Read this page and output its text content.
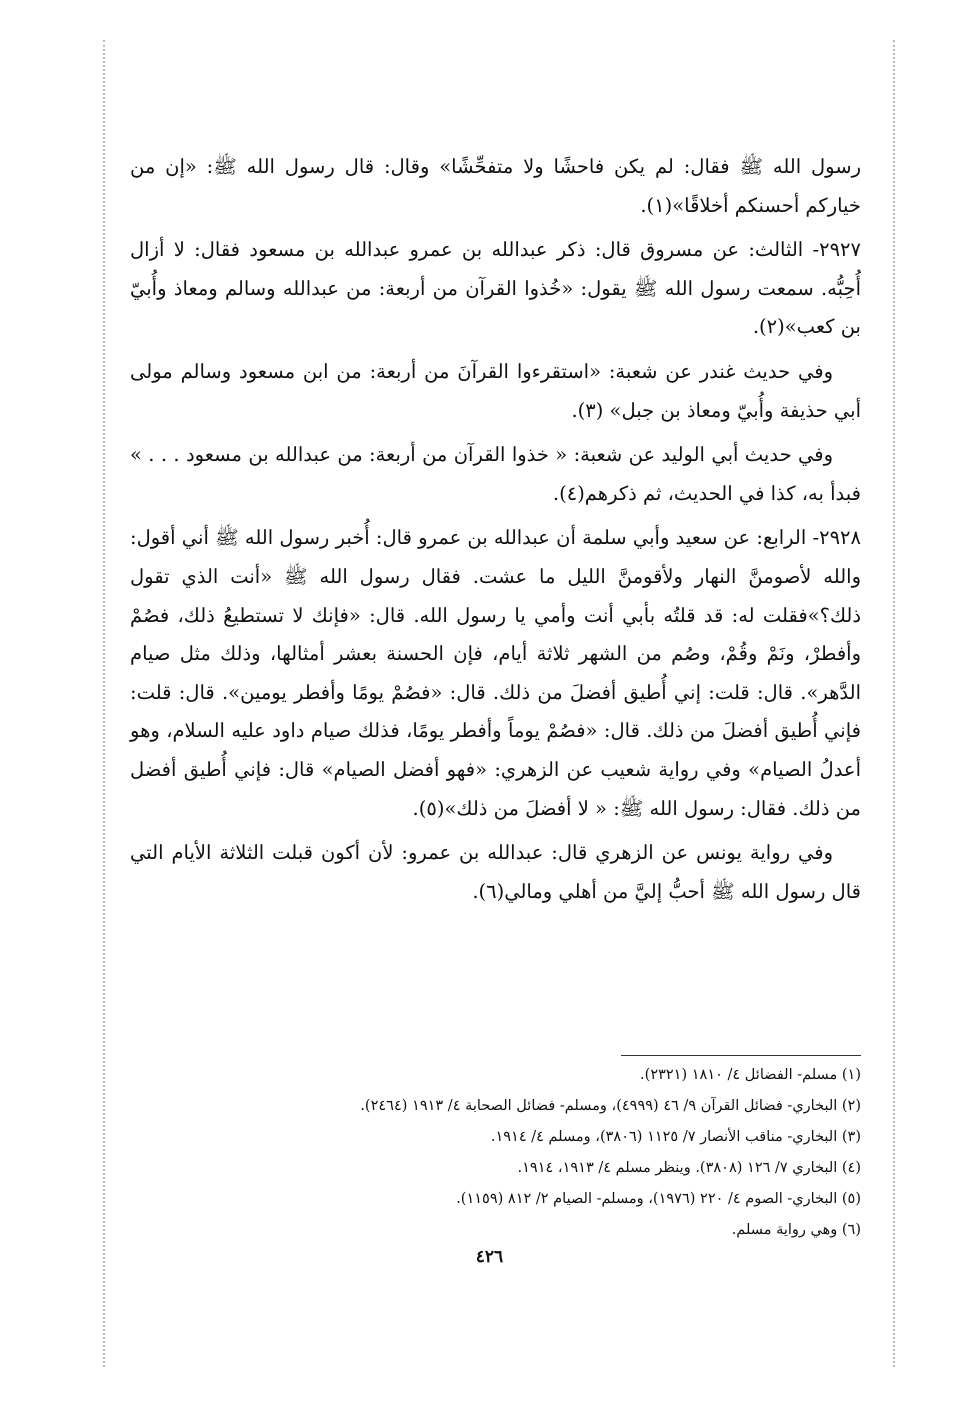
رسول الله ﷺ فقال: لم يكن فاحشًا ولا متفحِّشًا» وقال: قال رسول الله ﷺ: «إن من خياركم أحسنكم أخلاقًا»(١).

٢٩٢٧- الثالث: عن مسروق قال: ذكر عبدالله بن عمرو عبدالله بن مسعود فقال: لا أزال أُحِبُّه. سمعت رسول الله ﷺ يقول: «خُذوا القرآن من أربعة: من عبدالله وسالم ومعاذ وأُبيّ بن كعب»(٢).

وفي حديث غندر عن شعبة: «استقرءوا القرآنَ من أربعة: من ابن مسعود وسالم مولى أبي حذيفة وأُبيّ ومعاذ بن جبل» (٣).

وفي حديث أبي الوليد عن شعبة: « خذوا القرآن من أربعة: من عبدالله بن مسعود . . . » فبدأ به، كذا في الحديث، ثم ذكرهم(٤).

٢٩٢٨- الرابع: عن سعيد وأبي سلمة أن عبدالله بن عمرو قال: أُخبر رسول الله ﷺ أني أقول: والله لأصومنَّ النهار ولأقومنَّ الليل ما عشت. فقال رسول الله ﷺ «أنت الذي تقول ذلك؟»فقلت له: قد قلتُه بأبي أنت وأمي يا رسول الله. قال: «فإنك لا تستطيعُ ذلك، فصُمْ وأفطرْ، ونَمْ وقُمْ، وصُم من الشهر ثلاثة أيام، فإن الحسنة بعشر أمثالها، وذلك مثل صيام الدَّهر». قال: قلت: إني أُطيق أفضلَ من ذلك. قال: «فصُمْ يومًا وأفطر يومين». قال: قلت: فإني أُطيق أفضلَ من ذلك. قال: «فصُمْ يوماً وأفطر يومًا، فذلك صيام داود عليه السلام، وهو أعدلُ الصيام» وفي رواية شعيب عن الزهري: «فهو أفضل الصيام» قال: فإني أُطيق أفضل من ذلك. فقال: رسول الله ﷺ: « لا أفضلَ من ذلك»(٥).

وفي رواية يونس عن الزهري قال: عبدالله بن عمرو: لأن أكون قبلت الثلاثة الأيام التي قال رسول الله ﷺ أحبُّ إليَّ من أهلي ومالي(٦).

(١) مسلم- الفضائل ٤/ ١٨١٠ (٢٣٢١).

(٢) البخاري- فضائل القرآن ٩/ ٤٦ (٤٩٩٩)، ومسلم- فضائل الصحابة ٤/ ١٩١٣ (٢٤٦٤).

(٣) البخاري- مناقب الأنصار ٧/ ١١٢٥ (٣٨٠٦)، ومسلم ٤/ ١٩١٤.

(٤) البخاري ٧/ ١٢٦ (٣٨٠٨). وينظر مسلم ٤/ ١٩١٣، ١٩١٤.

(٥) البخاري- الصوم ٤/ ٢٢٠ (١٩٧٦)، ومسلم- الصيام ٢/ ٨١٢ (١١٥٩).

(٦) وهي رواية مسلم.

٤٢٦
